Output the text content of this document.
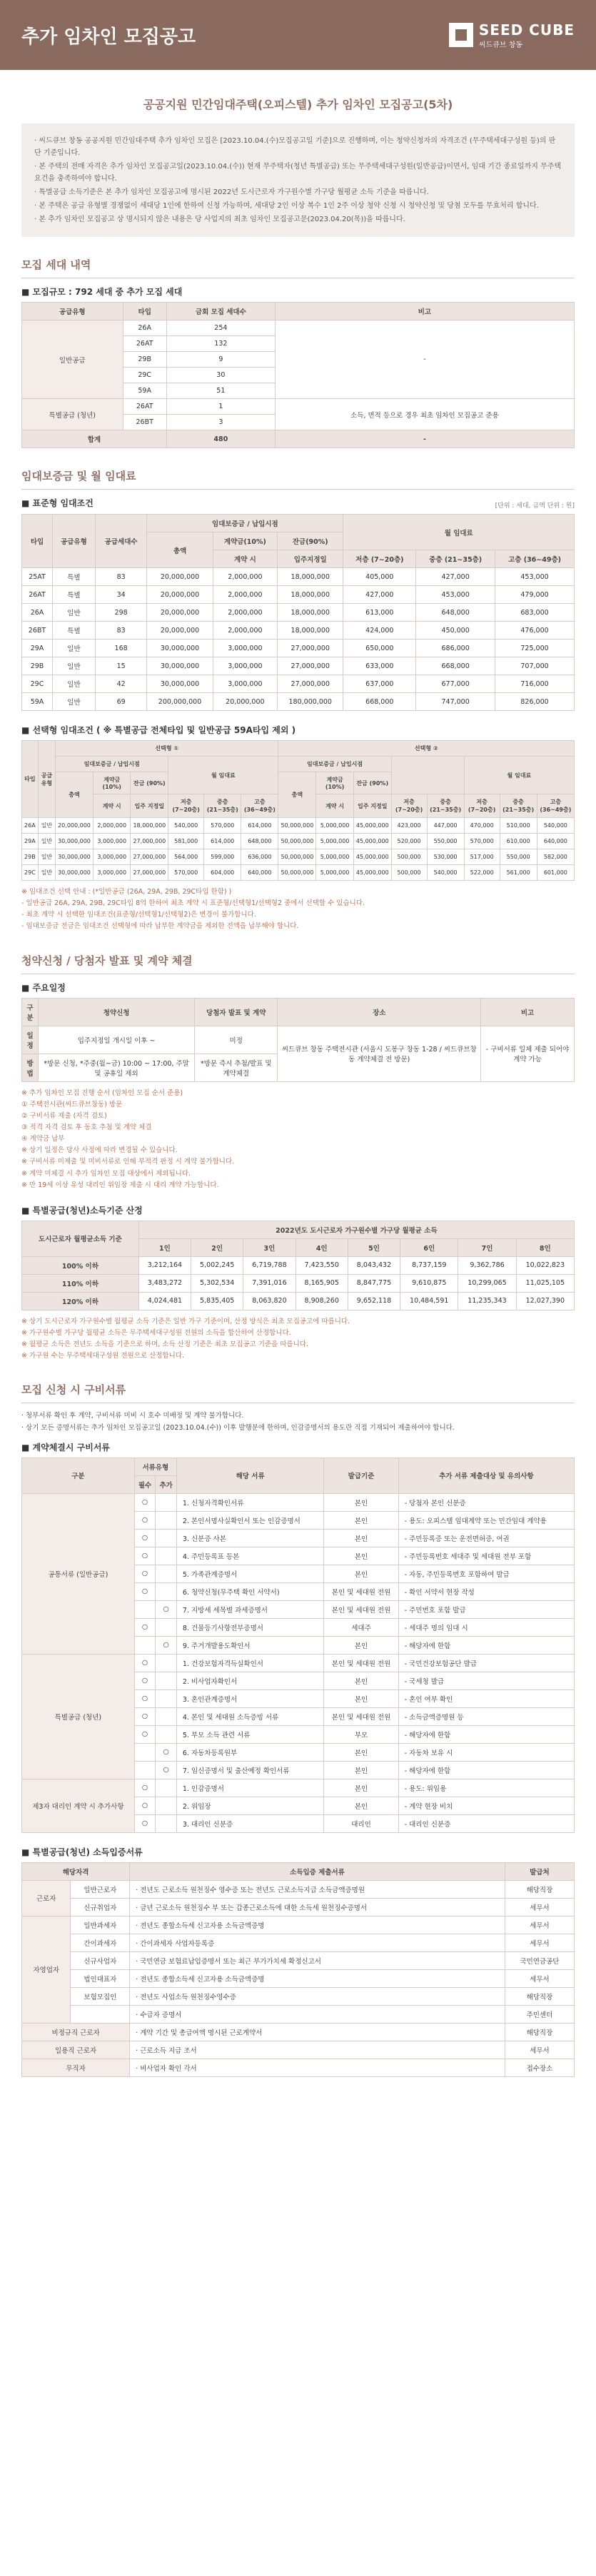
추가 임차인 모집공고	SEED CUBE
씨드큐브 창동
공공지원 민간임대주택(오피스텔) 추가 임차인 모집공고(5차)
· 씨드큐브 창동 공공지원 민간임대주택 추가 임차인 모집은 [2023.10.04.(수)모집공고일 기준]으로 진행하며, 이는 청약신청자의 자격조건 (무주택세대구성원 등)의 판단 기준입니다.
· 본 주택의 전매 자격은 추가 임차인 모집공고일(2023.10.04.(수)) 현재 무주택자(청년 특별공급) 또는 무주택세대구성원(일반공급)이면서, 임대 기간 종료일까지 무주택 요건을 충족하여야 합니다.
· 특별공급 소득기준은 본 추가 임차인 모집공고에 명시된 2022년 도시근로자 가구원수별 가구당 월평균 소득 기준을 따릅니다.
· 본 주택은 공급 유형별 경쟁없이 세대당 1인에 한하여 신청 가능하며, 세대당 2인 이상 복수 1인 2주 이상 청약 신청 시 청약신청 및 당첨 모두를 무효처리 합니다.
· 본 추가 임차인 모집공고 상 명시되지 않은 내용은 당 사업지의 최초 임차인 모집공고문(2023.04.20(목))을 따릅니다.
모집 세대 내역
■ 모집규모 : 792 세대 중 추가 모집 세대
공급유형	타입	금회 모집 세대수	비고
일반공급	26A	254	-
	26AT	132	
	29B	9	
	29C	30	
	59A	51	
특별공급 (청년)	26AT	1	소득, 면적 등으로 경우 최초 임차인 모집공고 준용
	26BT	3	
합계		480	-
임대보증금 및 월 임대료
■ 표준형 임대조건	[단위 : 세대, 금액 단위 : 원]
타입	공급유형	공급세대수	임대보증금 / 납입시점			월 임대료		
			총액	계약금(10%)	잔금(90%)			
				계약 시	입주지정일	저층 (7~20층)	중층 (21~35층)	고층 (36~49층)
25AT	특별	83	20,000,000	2,000,000	18,000,000	405,000	427,000	453,000
26AT	특별	34	20,000,000	2,000,000	18,000,000	427,000	453,000	479,000
26A	일반	298	20,000,000	2,000,000	18,000,000	613,000	648,000	683,000
26BT	특별	83	20,000,000	2,000,000	18,000,000	424,000	450,000	476,000
29A	일반	168	30,000,000	3,000,000	27,000,000	650,000	686,000	725,000
29B	일반	15	30,000,000	3,000,000	27,000,000	633,000	668,000	707,000
29C	일반	42	30,000,000	3,000,000	27,000,000	637,000	677,000	716,000
59A	일반	69	200,000,000	20,000,000	180,000,000	668,000	747,000	826,000
■ 선택형 임대조건 ( ※ 특별공급 전체타입 및 일반공급 59A타입 제외 )
타입	공급유형	선택형 ①						선택형 ②							
		임대보증금 / 납입시점			월 임대료			임대보증금 / 납입시점					월 임대료		
		총액	계약금 (10%)	잔금 (90%)				총액	계약금 (10%)	잔금 (90%)					
			계약 시	입주 지정일	저층 (7~20층)	중층 (21~35층)	고층 (36~49층)		계약 시	입주 지정일	저층 (7~20층)	중층 (21~35층)	저층 (7~20층)	중층 (21~35층)	고층 (36~49층)
26A	일반	20,000,000	2,000,000	18,000,000	540,000	570,000	614,000	50,000,000	5,000,000	45,000,000	423,000	447,000	470,000	510,000	540,000
29A	일반	30,000,000	3,000,000	27,000,000	581,000	614,000	648,000	50,000,000	5,000,000	45,000,000	520,000	550,000	570,000	610,000	640,000
29B	일반	30,000,000	3,000,000	27,000,000	564,000	599,000	636,000	50,000,000	5,000,000	45,000,000	500,000	530,000	517,000	550,000	582,000
29C	일반	30,000,000	3,000,000	27,000,000	570,000	604,000	640,000	50,000,000	5,000,000	45,000,000	500,000	540,000	522,000	561,000	601,000
※ 임대조건 선택 안내 : (*일반공급 (26A, 29A, 29B, 29C타입 한함) )
- 일반공급 26A, 29A, 29B, 29C타입 8억 한하여 최초 계약 시 표준형/선택형1/선택형2 중에서 선택할 수 있습니다.
- 최초 계약 시 선택한 임대조건(표준형/선택형1/선택형2)은 변경이 불가합니다.
- 임대보증금 전금은 임대조건 선택형에 따라 납부한 계약금을 제외한 전액을 납부해야 합니다.
청약신청 / 당첨자 발표 및 계약 체결
■ 주요일정
구분	청약신청	당첨자 발표 및 계약	장소	비고
일정	입주지정일 개시일 이후 ~	미정	씨드큐브 창동 주택전시관 (서울시 도봉구 창동 1-28 / 씨드큐브창동 계약체결 전 방문)	- 구비서류 일체 제출 되어야 계약 가능
방법	*방문 신청, *주중(월~금) 10:00 ~ 17:00, 주말 및 공휴일 제외	*방문 즉시 추첨/발표 및 계약체결		
※ 추가 임차인 모집 진행 순서 (임차인 모집 순서 준용)
① 주택전시관(씨드큐브창동) 방문
② 구비서류 제출 (자격 검토)
③ 적격 자격 검토 후 동호 추첨 및 계약 체결
④ 계약금 납부
※ 상기 일정은 당사 사정에 따라 변경될 수 있습니다.
※ 구비서류 미제출 및 미비서류로 인해 부적격 판정 시 계약 불가합니다.
※ 계약 미체결 시 추가 임차인 모집 대상에서 제외됩니다.
※ 만 19세 이상 유성 대리인 위임장 제출 시 대리 계약 가능합니다.
■ 특별공급(청년)소득기준 산정
도시근로자 월평균소득 기준	2022년도 도시근로자 가구원수별 가구당 월평균 소득							
	1인	2인	3인	4인	5인	6인	7인	8인
100% 이하	3,212,164	5,002,245	6,719,788	7,423,550	8,043,432	8,737,159	9,362,786	10,022,823
110% 이하	3,483,272	5,302,534	7,391,016	8,165,905	8,847,775	9,610,875	10,299,065	11,025,105
120% 이하	4,024,481	5,835,405	8,063,820	8,908,260	9,652,118	10,484,591	11,235,343	12,027,390
※ 상기 도시근로자 가구원수별 월평균 소득 기준은 일반 가구 기준이며, 산정 방식은 최초 모집공고에 따릅니다.
※ 가구원수별 가구당 월평균 소득은 무주택세대구성원 전원의 소득을 합산하여 산정합니다.
※ 월평균 소득은 전년도 소득을 기준으로 하며, 소득 산정 기준은 최초 모집공고 기준을 따릅니다.
※ 가구원 수는 무주택세대구성원 전원으로 산정합니다.
모집 신청 시 구비서류
· 청부서류 확인 후 계약, 구비서류 미비 시 호수 미배정 및 계약 불가합니다.
· 상기 모든 증명서류는 추가 임차인 모집공고일 (2023.10.04.(수)) 이후 발행분에 한하며, 인감증명서의 용도란 직접 기재되어 제출하여야 합니다.
■ 계약체결시 구비서류
구분	서류유형		해당 서류	발급기준	추가 서류 제출대상 및 유의사항
	필수	추가			
공통서류 (일반공급)	○		1. 신청자격확인서류	본인	- 당첨자 본인 신분증
	○		2. 본인서명사실확인서 또는 인감증명서	본인	- 용도: 오피스텔 임대계약 또는 민간임대 계약용
	○		3. 신분증 사본	본인	- 주민등록증 또는 운전면허증, 여권
	○		4. 주민등록표 등본	본인	- 주민등록번호 세대주 및 세대원 전부 포함
	○		5. 가족관계증명서	본인	- 자동, 주민등록번호 포함하여 발급
	○		6. 청약신청(무주택 확인 서약서)	본인 및 세대원 전원	- 확인 서약서 현장 작성
		○	7. 지방세 세목별 과세증명서	본인 및 세대원 전원	- 주민번호 포함 발급
	○		8. 건물등기사항전부증명서	세대주	- 세대주 명의 임대 시
		○	9. 주거개발용도확인서	본인	- 해당자에 한함
특별공급 (청년)	○		1. 건강보험자격득실확인서	본인 및 세대원 전원	- 국민건강보험공단 발급
	○		2. 비사업자확인서	본인	- 국세청 발급
	○		3. 혼인관계증명서	본인	- 혼인 여부 확인
	○		4. 본인 및 세대원 소득증빙 서류	본인 및 세대원 전원	- 소득금액증명원 등
	○		5. 부모 소득 관련 서류	부모	- 해당자에 한함
		○	6. 자동차등록원부	본인	- 자동차 보유 시
		○	7. 임신증명서 및 출산예정 확인서류	본인	- 해당자에 한함
제3자 대리인 계약 시 추가사항	○		1. 인감증명서	본인	- 용도: 위임용
	○		2. 위임장	본인	- 계약 현장 비치
	○		3. 대리인 신분증	대리인	- 대리인 신분증
■ 특별공급(청년) 소득입증서류
해당자격		소득입증 제출서류	발급처
근로자	일반근로자	· 전년도 근로소득 원천징수 영수증 또는 전년도 근로소득지급 소득금액증명원	해당직장
	신규취업자	· 금년 근로소득 원천징수 부 또는 갑종근로소득에 대한 소득세 원천징수증명서	세무서
자영업자	일반과세자	· 전년도 종합소득세 신고자용 소득금액증명	세무서
	간이과세자	· 간이과세자 사업자등록증	세무서
	신규사업자	· 국민연금 보험료납입증명서 또는 최근 부가가치세 확정신고서	국민연금공단
	법인대표자	· 전년도 종합소득세 신고자용 소득금액증명	세무서
	보험모집인	· 전년도 사업소득 원천징수영수증	해당직장
		· 수급자 증명서	주민센터
비정규직 근로자		· 계약 기간 및 총급여액 명시된 근로계약서	해당직장
일용직 근로자		· 근로소득 지급 조서	세무서
무직자		· 비사업자 확인 각서	접수장소
